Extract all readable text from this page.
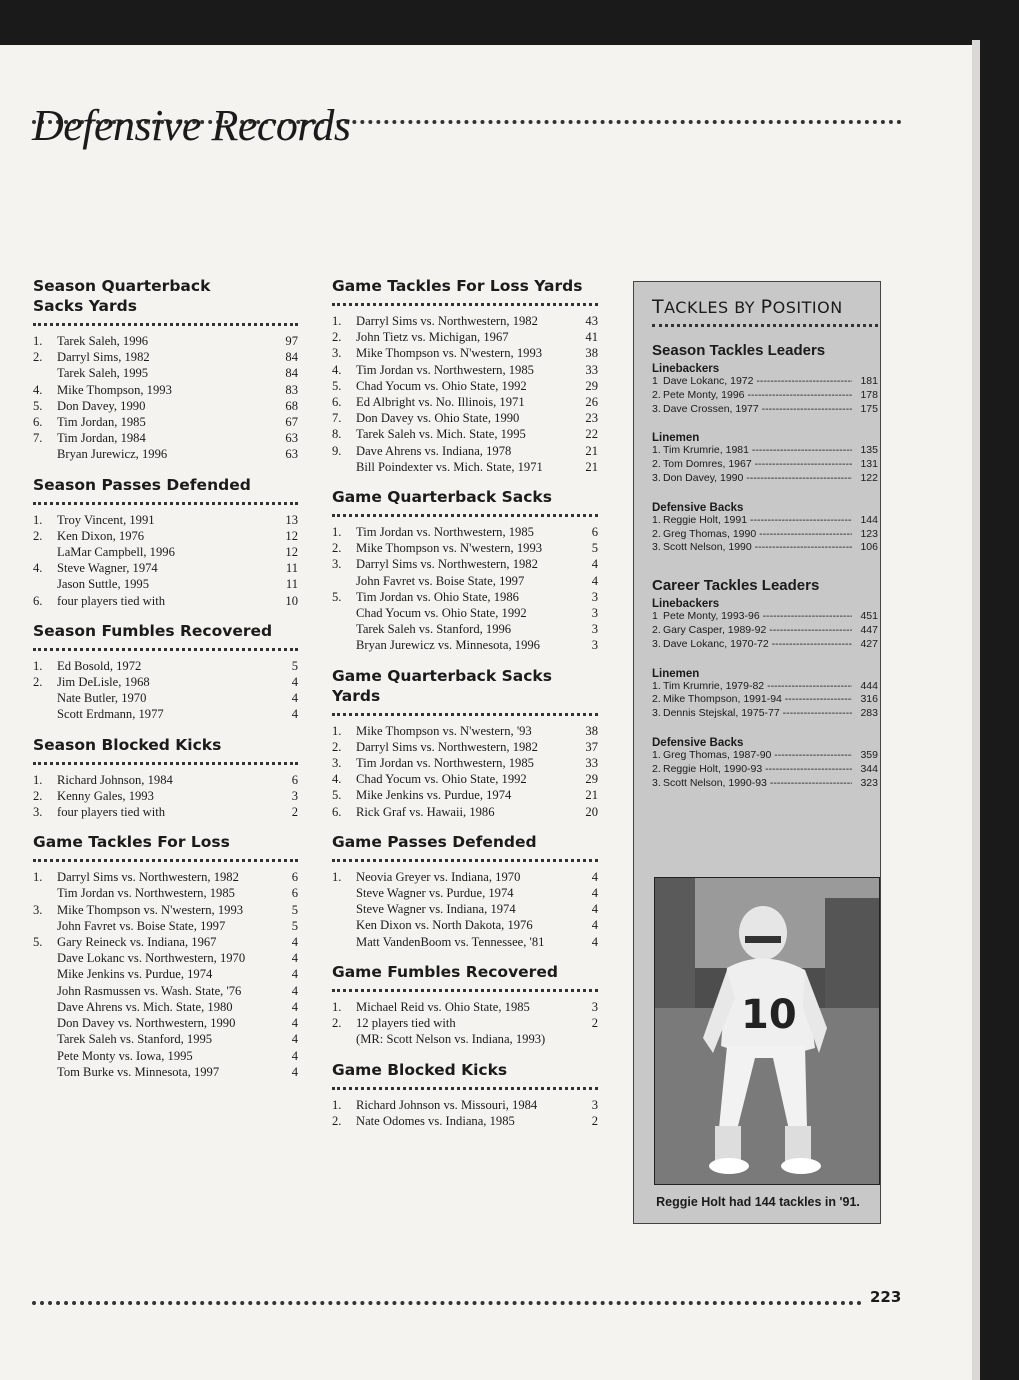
Defensive Records
Season Quarterback Sacks Yards
1.	Tarek Saleh, 1996	97
2.	Darryl Sims, 1982	84
Tarek Saleh, 1995	84
4.	Mike Thompson, 1993	83
5.	Don Davey, 1990	68
6.	Tim Jordan, 1985	67
7.	Tim Jordan, 1984	63
Bryan Jurewicz, 1996	63
Season Passes Defended
1.	Troy Vincent, 1991	13
2.	Ken Dixon, 1976	12
LaMar Campbell, 1996	12
4.	Steve Wagner, 1974	11
Jason Suttle, 1995	11
6.	four players tied with	10
Season Fumbles Recovered
1.	Ed Bosold, 1972	5
2.	Jim DeLisle, 1968	4
Nate Butler, 1970	4
Scott Erdmann, 1977	4
Season Blocked Kicks
1.	Richard Johnson, 1984	6
2.	Kenny Gales, 1993	3
3.	four players tied with	2
Game Tackles For Loss
1.	Darryl Sims vs. Northwestern, 1982	6
Tim Jordan vs. Northwestern, 1985	6
3.	Mike Thompson vs. N'western, 1993	5
John Favret vs. Boise State, 1997	5
5.	Gary Reineck vs. Indiana, 1967	4
Dave Lokanc vs. Northwestern, 1970	4
Mike Jenkins vs. Purdue, 1974	4
John Rasmussen vs. Wash. State, '76	4
Dave Ahrens vs. Mich. State, 1980	4
Don Davey vs. Northwestern, 1990	4
Tarek Saleh vs. Stanford, 1995	4
Pete Monty vs. Iowa, 1995	4
Tom Burke vs. Minnesota, 1997	4
Game Tackles For Loss Yards
1.	Darryl Sims vs. Northwestern, 1982	43
2.	John Tietz vs. Michigan, 1967	41
3.	Mike Thompson vs. N'western, 1993	38
4.	Tim Jordan vs. Northwestern, 1985	33
5.	Chad Yocum vs. Ohio State, 1992	29
6.	Ed Albright vs. No. Illinois, 1971	26
7.	Don Davey vs. Ohio State, 1990	23
8.	Tarek Saleh vs. Mich. State, 1995	22
9.	Dave Ahrens vs. Indiana, 1978	21
Bill Poindexter vs. Mich. State, 1971	21
Game Quarterback Sacks
1.	Tim Jordan vs. Northwestern, 1985	6
2.	Mike Thompson vs. N'western, 1993	5
3.	Darryl Sims vs. Northwestern, 1982	4
John Favret vs. Boise State, 1997	4
5.	Tim Jordan vs. Ohio State, 1986	3
Chad Yocum vs. Ohio State, 1992	3
Tarek Saleh vs. Stanford, 1996	3
Bryan Jurewicz vs. Minnesota, 1996	3
Game Quarterback Sacks Yards
1.	Mike Thompson vs. N'western, '93	38
2.	Darryl Sims vs. Northwestern, 1982	37
3.	Tim Jordan vs. Northwestern, 1985	33
4.	Chad Yocum vs. Ohio State, 1992	29
5.	Mike Jenkins vs. Purdue, 1974	21
6.	Rick Graf vs. Hawaii, 1986	20
Game Passes Defended
1.	Neovia Greyer vs. Indiana, 1970	4
Steve Wagner vs. Purdue, 1974	4
Steve Wagner vs. Indiana, 1974	4
Ken Dixon vs. North Dakota, 1976	4
Matt VandenBoom vs. Tennessee, '81	4
Game Fumbles Recovered
1.	Michael Reid vs. Ohio State, 1985	3
2.	12 players tied with	2
(MR: Scott Nelson vs. Indiana, 1993)
Game Blocked Kicks
1.	Richard Johnson vs. Missouri, 1984	3
2.	Nate Odomes vs. Indiana, 1985	2
TACKLES BY POSITION
Season Tackles Leaders
Linebackers
1 Dave Lokanc, 1972 -----	181
2. Pete Monty, 1996 -----	178
3. Dave Crossen, 1977 -----	175
Linemen
1. Tim Krumrie, 1981 -----	135
2. Tom Domres, 1967 -----	131
3. Don Davey, 1990 -----	122
Defensive Backs
1. Reggie Holt, 1991 -----	144
2. Greg Thomas, 1990 -----	123
3. Scott Nelson, 1990 -----	106
Career Tackles Leaders
Linebackers
1 Pete Monty, 1993-96 -----	451
2. Gary Casper, 1989-92 -----	447
3. Dave Lokanc, 1970-72 -----	427
Linemen
1. Tim Krumrie, 1979-82 -----	444
2. Mike Thompson, 1991-94 -----	316
3. Dennis Stejskal, 1975-77 -----	283
Defensive Backs
1. Greg Thomas, 1987-90 -----	359
2. Reggie Holt, 1990-93 -----	344
3. Scott Nelson, 1990-93 -----	323
10
Reggie Holt had 144 tackles in '91.
223
